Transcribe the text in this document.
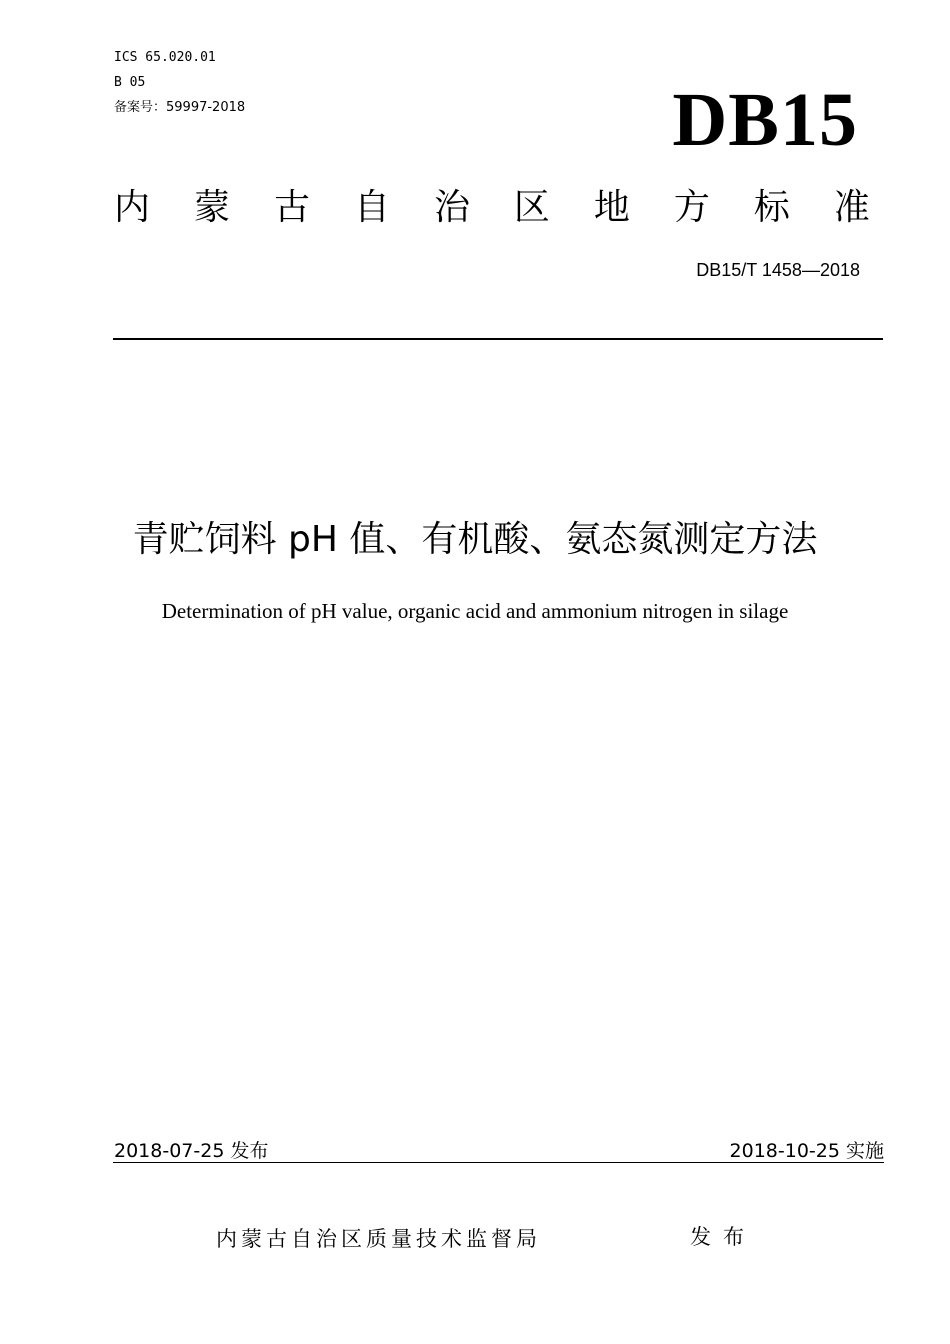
ICS 65.020.01
B 05
备案号：59997-2018	DB15
内 蒙 古 自 治 区 地 方 标 准
DB15/T 1458—2018
青贮饲料 pH 值、有机酸、氨态氮测定方法
Determination of pH value, organic acid and ammonium nitrogen in silage
2018-07-25 发布	2018-10-25 实施
内蒙古自治区质量技术监督局	发布
